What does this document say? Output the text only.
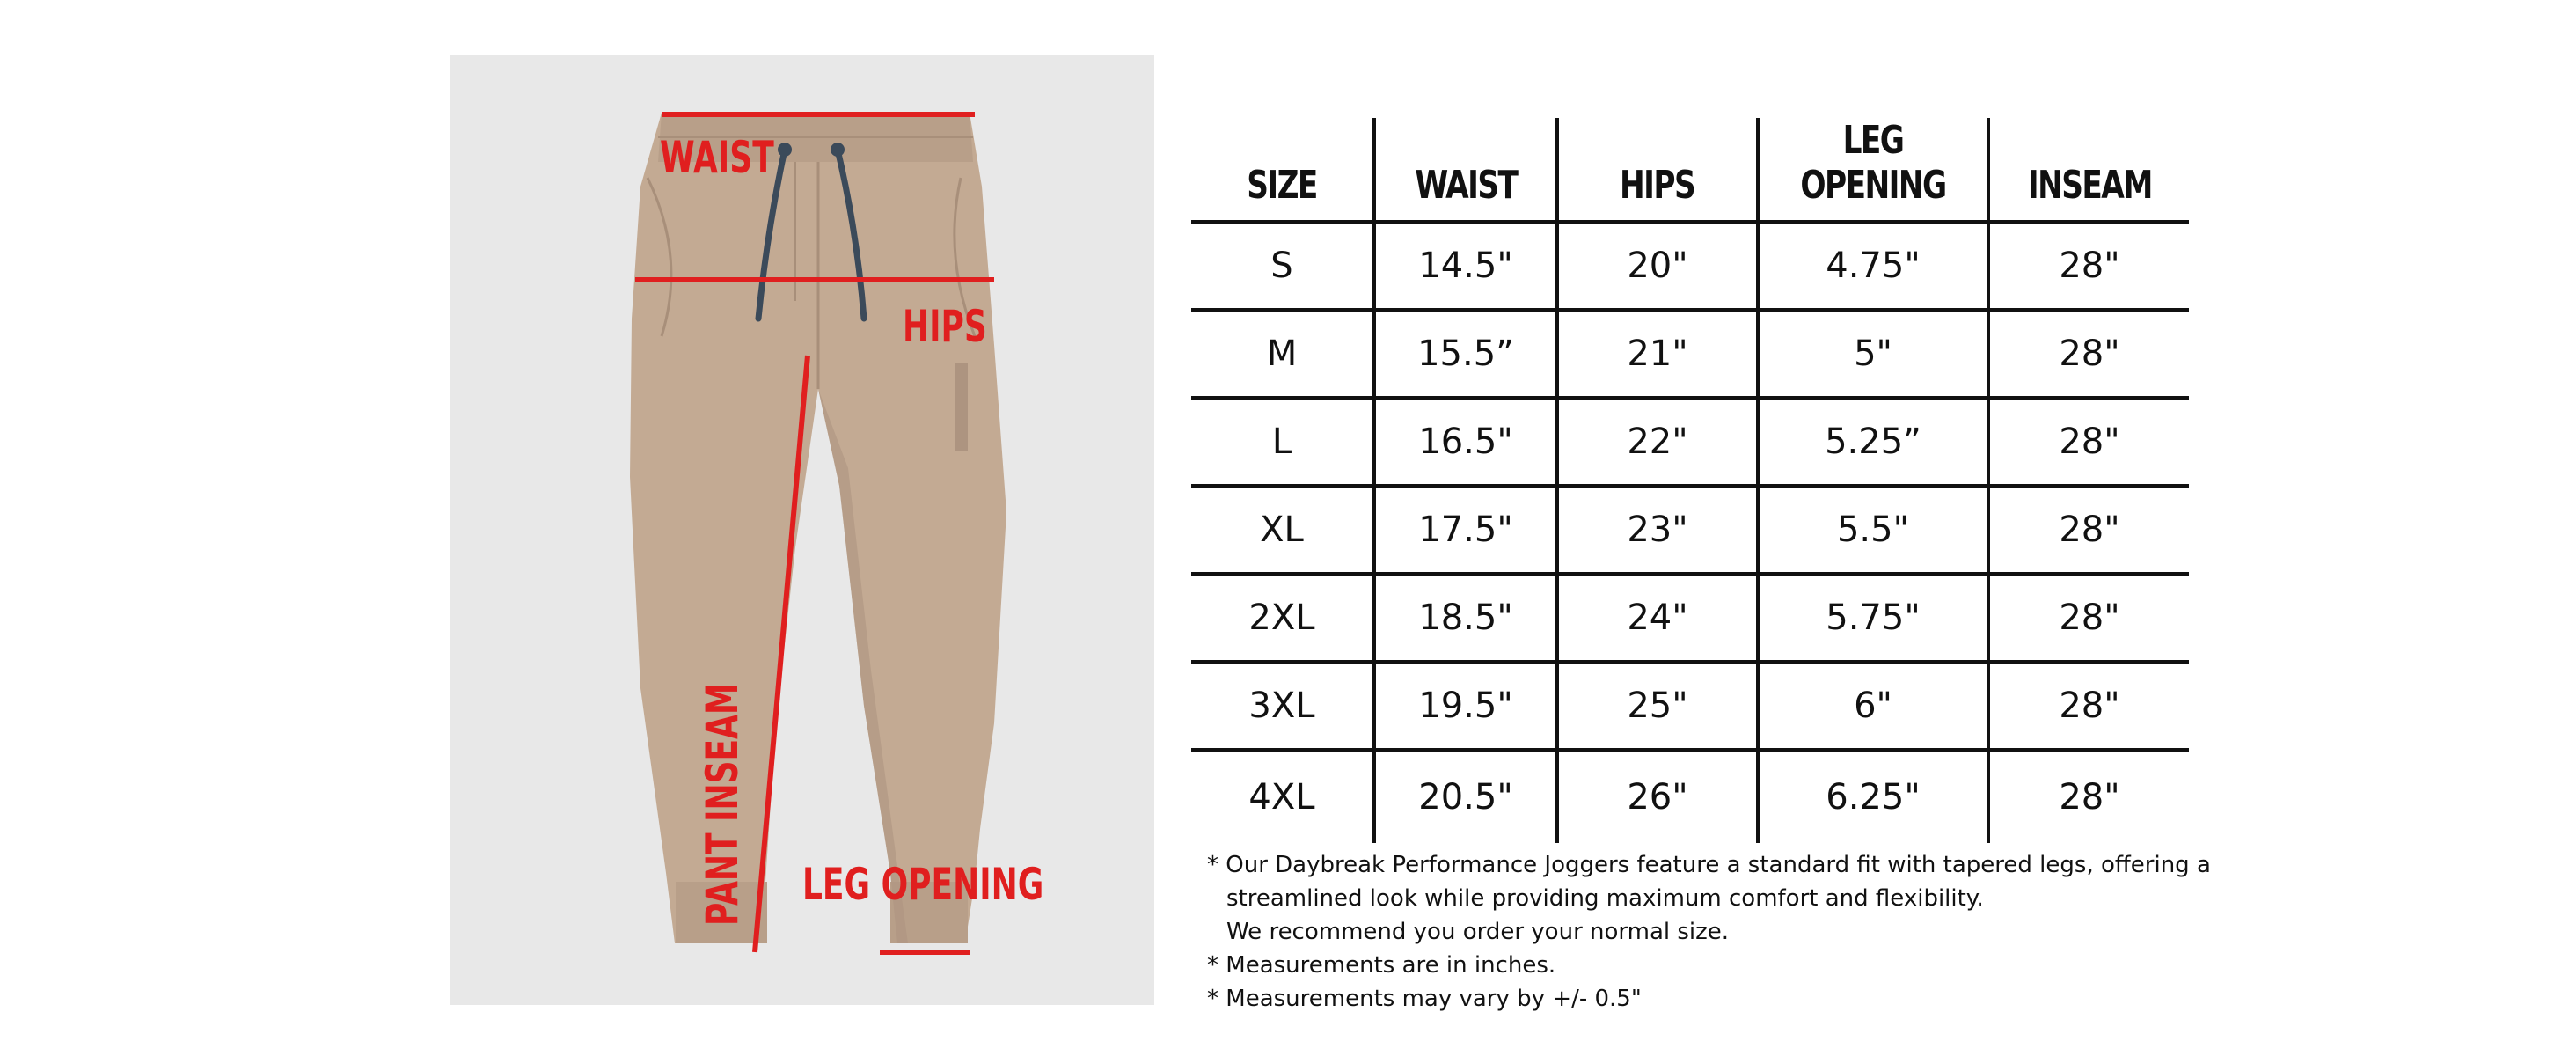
WAIST
HIPS
PANT INSEAM LEG OPENING
SIZE	WAIST	HIPS	LEG OPENING	INSEAM
S	14.5"	20"	4.75"	28"
M	15.5”	21"	5"	28"
L	16.5"	22"	5.25”	28"
XL	17.5"	23"	5.5"	28"
2XL	18.5"	24"	5.75"	28"
3XL	19.5"	25"	6"	28"
4XL	20.5"	26"	6.25"	28"

* Our Daybreak Performance Joggers feature a standard fit with tapered legs, offering a

streamlined look while providing maximum comfort and flexibility.

We recommend you order your normal size.

* Measurements are in inches.

* Measurements may vary by +/- 0.5"
